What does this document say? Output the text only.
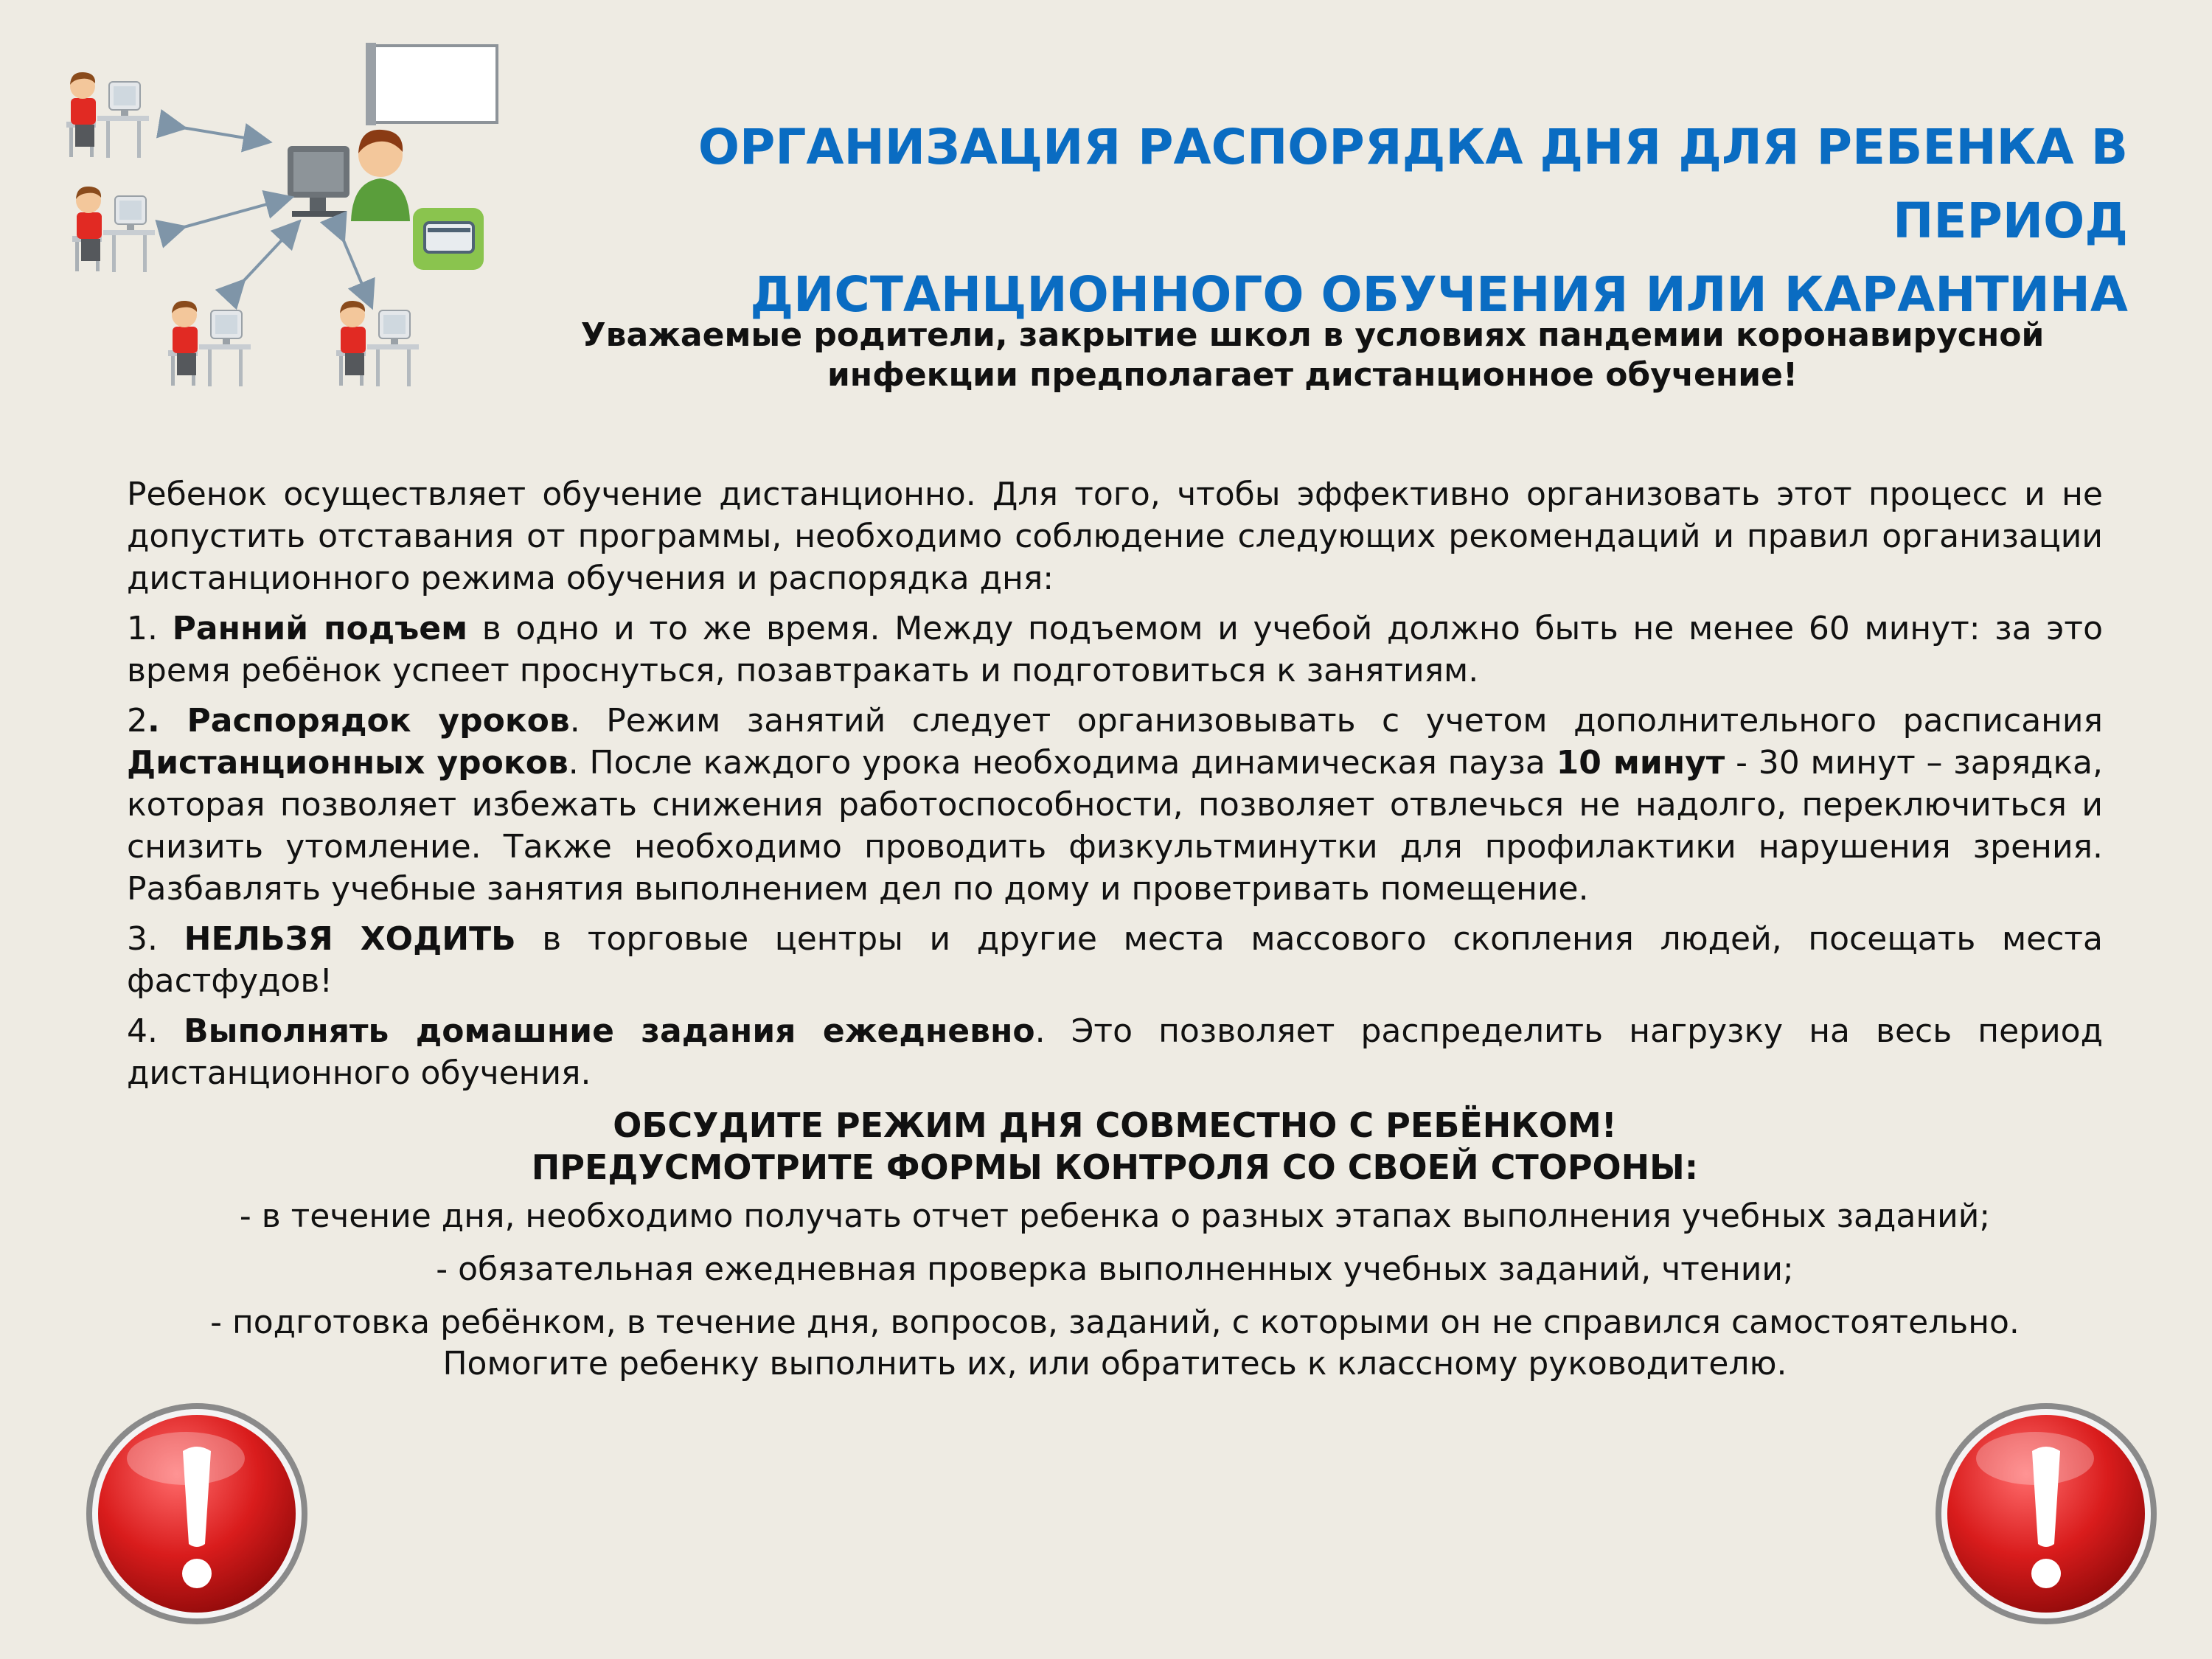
ОРГАНИЗАЦИЯ РАСПОРЯДКА ДНЯ ДЛЯ РЕБЕНКА В ПЕРИОД
ДИСТАНЦИОННОГО ОБУЧЕНИЯ ИЛИ КАРАНТИНА
Уважаемые родители, закрытие школ в условиях пандемии коронавирусной
инфекции предполагает дистанционное обучение!

Ребенок осуществляет обучение дистанционно. Для того, чтобы эффективно организовать этот процесс и не допустить отставания от программы, необходимо соблюдение следующих рекомендаций и правил организации дистанционного режима обучения и распорядка дня:

1. Ранний подъем в одно и то же время. Между подъемом и учебой должно быть не менее 60 минут: за это время ребёнок успеет проснуться, позавтракать и подготовиться к занятиям.

2. Распорядок уроков. Режим занятий следует организовывать с учетом дополнительного расписания Дистанционных уроков. После каждого урока необходима динамическая пауза 10 минут - 30 минут – зарядка, которая позволяет избежать снижения работоспособности, позволяет отвлечься не надолго, переключиться и снизить утомление. Также необходимо проводить физкультминутки для профилактики нарушения зрения. Разбавлять учебные занятия выполнением дел по дому и проветривать помещение.

3. НЕЛЬЗЯ ХОДИТЬ в торговые центры и другие места массового скопления людей, посещать места фастфудов!

4. Выполнять домашние задания ежедневно. Это позволяет распределить нагрузку на весь период дистанционного обучения.

ОБСУДИТЕ РЕЖИМ ДНЯ СОВМЕСТНО С РЕБЁНКОМ!
ПРЕДУСМОТРИТЕ ФОРМЫ КОНТРОЛЯ СО СВОЕЙ СТОРОНЫ:

- в течение дня, необходимо получать отчет ребенка о разных этапах выполнения учебных заданий;

- обязательная ежедневная проверка выполненных учебных заданий, чтении;

- подготовка ребёнком, в течение дня, вопросов, заданий, с которыми он не справился самостоятельно.
Помогите ребенку выполнить их, или обратитесь к классному руководителю.
